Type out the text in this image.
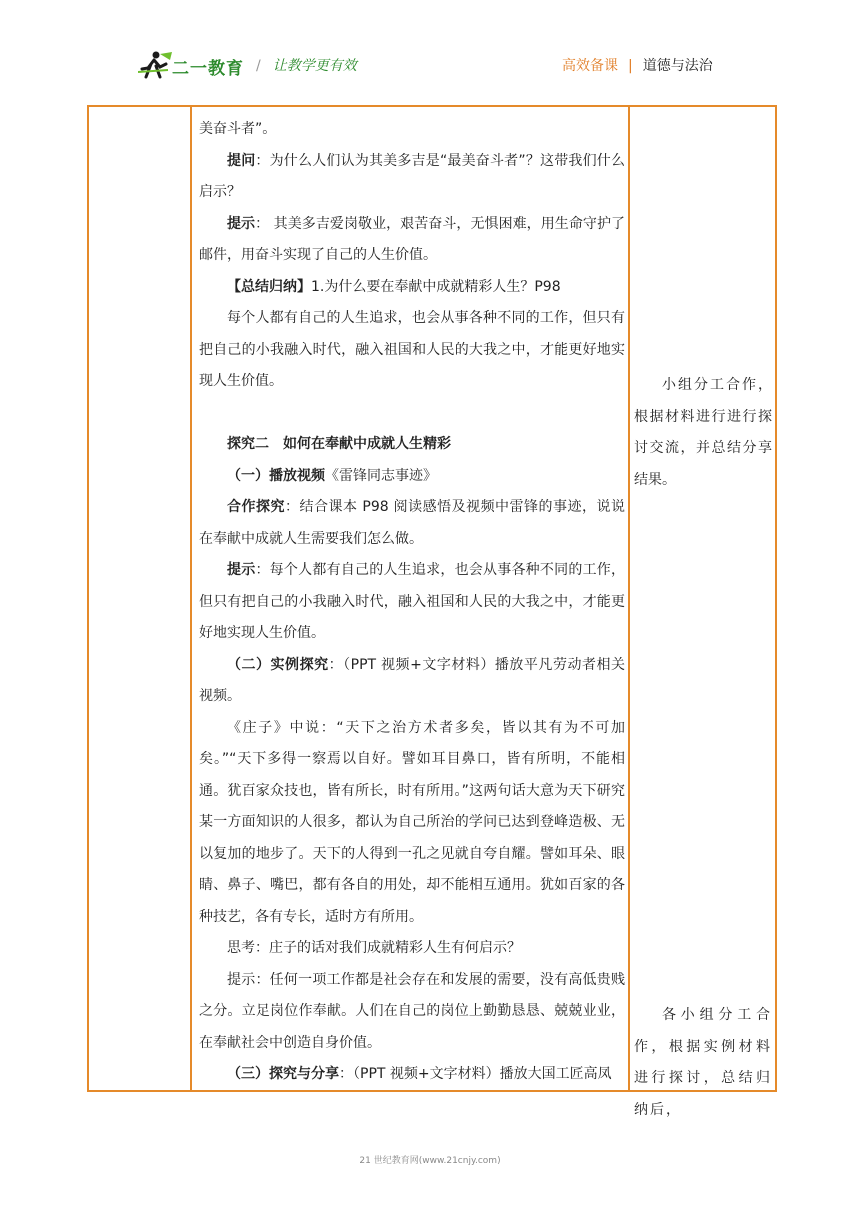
二一教育 / 让教学更有效	高效备课 | 道德与法治

美奋斗者”。

提问：为什么人们认为其美多吉是“最美奋斗者”？这带我们什么启示？

提示： 其美多吉爱岗敬业，艰苦奋斗，无惧困难，用生命守护了邮件，用奋斗实现了自己的人生价值。

【总结归纳】1.为什么要在奉献中成就精彩人生？P98

每个人都有自己的人生追求，也会从事各种不同的工作，但只有把自己的小我融入时代，融入祖国和人民的大我之中，才能更好地实现人生价值。

探究二　如何在奉献中成就人生精彩

（一）播放视频《雷锋同志事迹》

合作探究：结合课本 P98 阅读感悟及视频中雷锋的事迹，说说在奉献中成就人生需要我们怎么做。

提示：每个人都有自己的人生追求，也会从事各种不同的工作，但只有把自己的小我融入时代，融入祖国和人民的大我之中，才能更好地实现人生价值。

（二）实例探究：（PPT 视频+文字材料）播放平凡劳动者相关视频。

《庄子》中说：“天下之治方术者多矣，皆以其有为不可加矣。”“天下多得一察焉以自好。譬如耳目鼻口，皆有所明，不能相通。犹百家众技也，皆有所长，时有所用。”这两句话大意为天下研究某一方面知识的人很多，都认为自己所治的学问已达到登峰造极、无以复加的地步了。天下的人得到一孔之见就自夸自耀。譬如耳朵、眼睛、鼻子、嘴巴，都有各自的用处，却不能相互通用。犹如百家的各种技艺，各有专长，适时方有所用。

思考：庄子的话对我们成就精彩人生有何启示？

提示：任何一项工作都是社会存在和发展的需要，没有高低贵贱之分。立足岗位作奉献。人们在自己的岗位上勤勤恳恳、兢兢业业，在奉献社会中创造自身价值。

（三）探究与分享：（PPT 视频+文字材料）播放大国工匠高凤

小组分工合作，根据材料进行进行探讨交流，并总结分享结果。

各小组分工合作，根据实例材料进行探讨，总结归纳后，

21 世纪教育网(www.21cnjy.com)
